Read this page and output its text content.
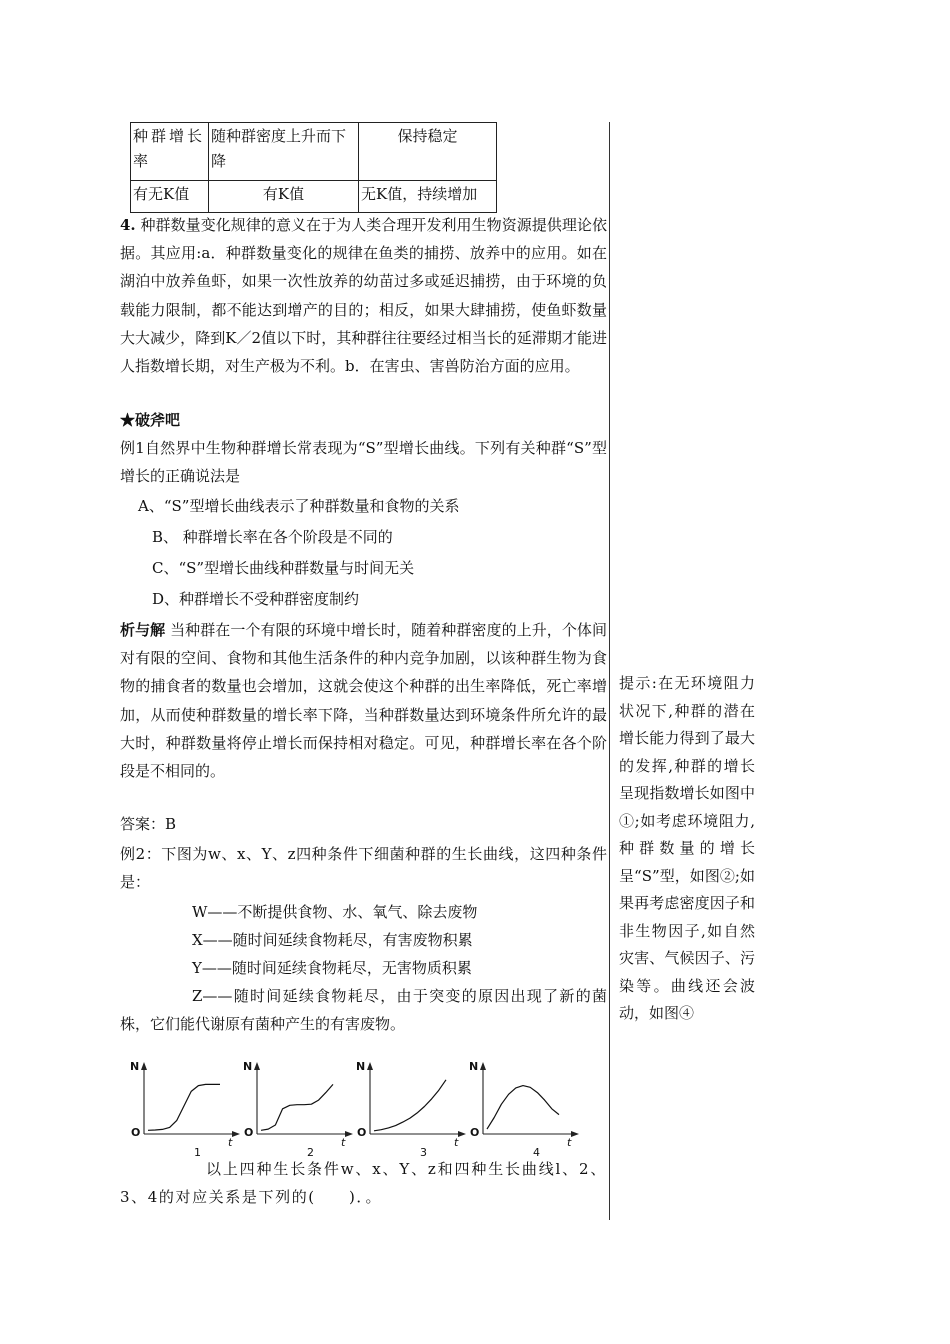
种群增长率	随种群密度上升而下降	保持稳定
有无K值	有K值	无K值，持续增加
4. 种群数量变化规律的意义在于为人类合理开发利用生物资源提供理论依据。其应用:a．种群数量变化的规律在鱼类的捕捞、放养中的应用。如在湖泊中放养鱼虾，如果一次性放养的幼苗过多或延迟捕捞，由于环境的负载能力限制，都不能达到增产的目的；相反，如果大肆捕捞，使鱼虾数量大大减少，降到K／2值以下时，其种群往往要经过相当长的延滞期才能进人指数增长期，对生产极为不利。b．在害虫、害兽防治方面的应用。
★破斧吧
例1自然界中生物种群增长常表现为“S”型增长曲线。下列有关种群“S”型增长的正确说法是
A、“S”型增长曲线表示了种群数量和食物的关系
B、 种群增长率在各个阶段是不同的
C、“S”型增长曲线种群数量与时间无关
D、种群增长不受种群密度制约
析与解 当种群在一个有限的环境中增长时，随着种群密度的上升，个体间对有限的空间、食物和其他生活条件的种内竞争加剧，以该种群生物为食物的捕食者的数量也会增加，这就会使这个种群的出生率降低，死亡率增加，从而使种群数量的增长率下降，当种群数量达到环境条件所允许的最大时，种群数量将停止增长而保持相对稳定。可见，种群增长率在各个阶段是不相同的。
答案：B
例2：下图为w、x、Y、z四种条件下细菌种群的生长曲线，这四种条件是：
W——不断提供食物、水、氧气、除去废物
X——随时间延续食物耗尽，有害废物积累
Y——随时间延续食物耗尽，无害物质积累
Z——随时间延续食物耗尽，由于突变的原因出现了新的菌株，它们能代谢原有菌种产生的有害废物。
N
O
t
1
N
O
t
2
N
O
t
3
N
O
t
4
以上四种生长条件w、x、Y、z和四种生长曲线l、2、3、4的对应关系是下列的(　　)．。
提示:在无环境阻力状况下,种群的潜在增长能力得到了最大的发挥,种群的增长呈现指数增长如图中①;如考虑环境阻力,种群数量的增长呈“S”型，如图②;如果再考虑密度因子和非生物因子,如自然灾害、气候因子、污染等。曲线还会波动，如图④
